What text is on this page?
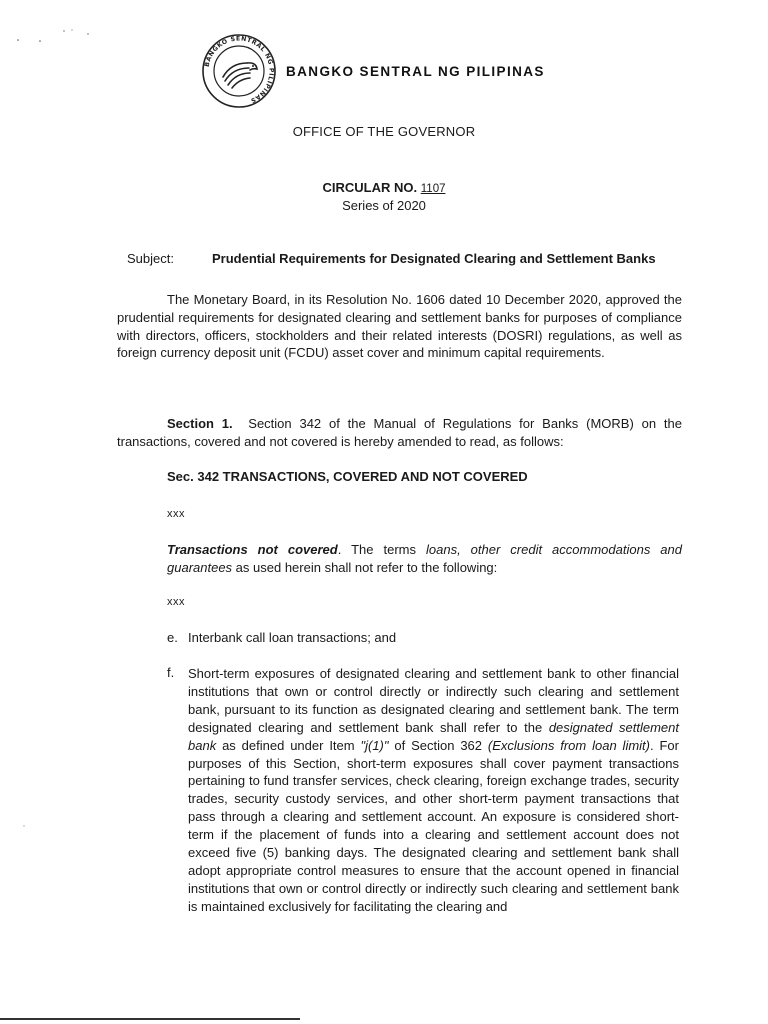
BANGKO SENTRAL NG PILIPINAS
BANGKO SENTRAL NG PILIPINAS
OFFICE OF THE GOVERNOR
CIRCULAR NO. 1107
Series of 2020
Subject:	Prudential Requirements for Designated Clearing and Settlement Banks

The Monetary Board, in its Resolution No. 1606 dated 10 December 2020, approved the prudential requirements for designated clearing and settlement banks for purposes of compliance with directors, officers, stockholders and their related interests (DOSRI) regulations, as well as foreign currency deposit unit (FCDU) asset cover and minimum capital requirements.

Section 1. Section 342 of the Manual of Regulations for Banks (MORB) on the transactions, covered and not covered is hereby amended to read, as follows:

Sec. 342 TRANSACTIONS, COVERED AND NOT COVERED
xxx

Transactions not covered. The terms loans, other credit accommodations and guarantees as used herein shall not refer to the following:

xxx
e. Interbank call loan transactions; and
f. Short-term exposures of designated clearing and settlement bank to other financial institutions that own or control directly or indirectly such clearing and settlement bank, pursuant to its function as designated clearing and settlement bank. The term designated clearing and settlement bank shall refer to the designated settlement bank as defined under Item "j(1)" of Section 362 (Exclusions from loan limit). For purposes of this Section, short-term exposures shall cover payment transactions pertaining to fund transfer services, check clearing, foreign exchange trades, security trades, security custody services, and other short-term payment transactions that pass through a clearing and settlement account. An exposure is considered short-term if the placement of funds into a clearing and settlement account does not exceed five (5) banking days. The designated clearing and settlement bank shall adopt appropriate control measures to ensure that the account opened in financial institutions that own or control directly or indirectly such clearing and settlement bank is maintained exclusively for facilitating the clearing and
